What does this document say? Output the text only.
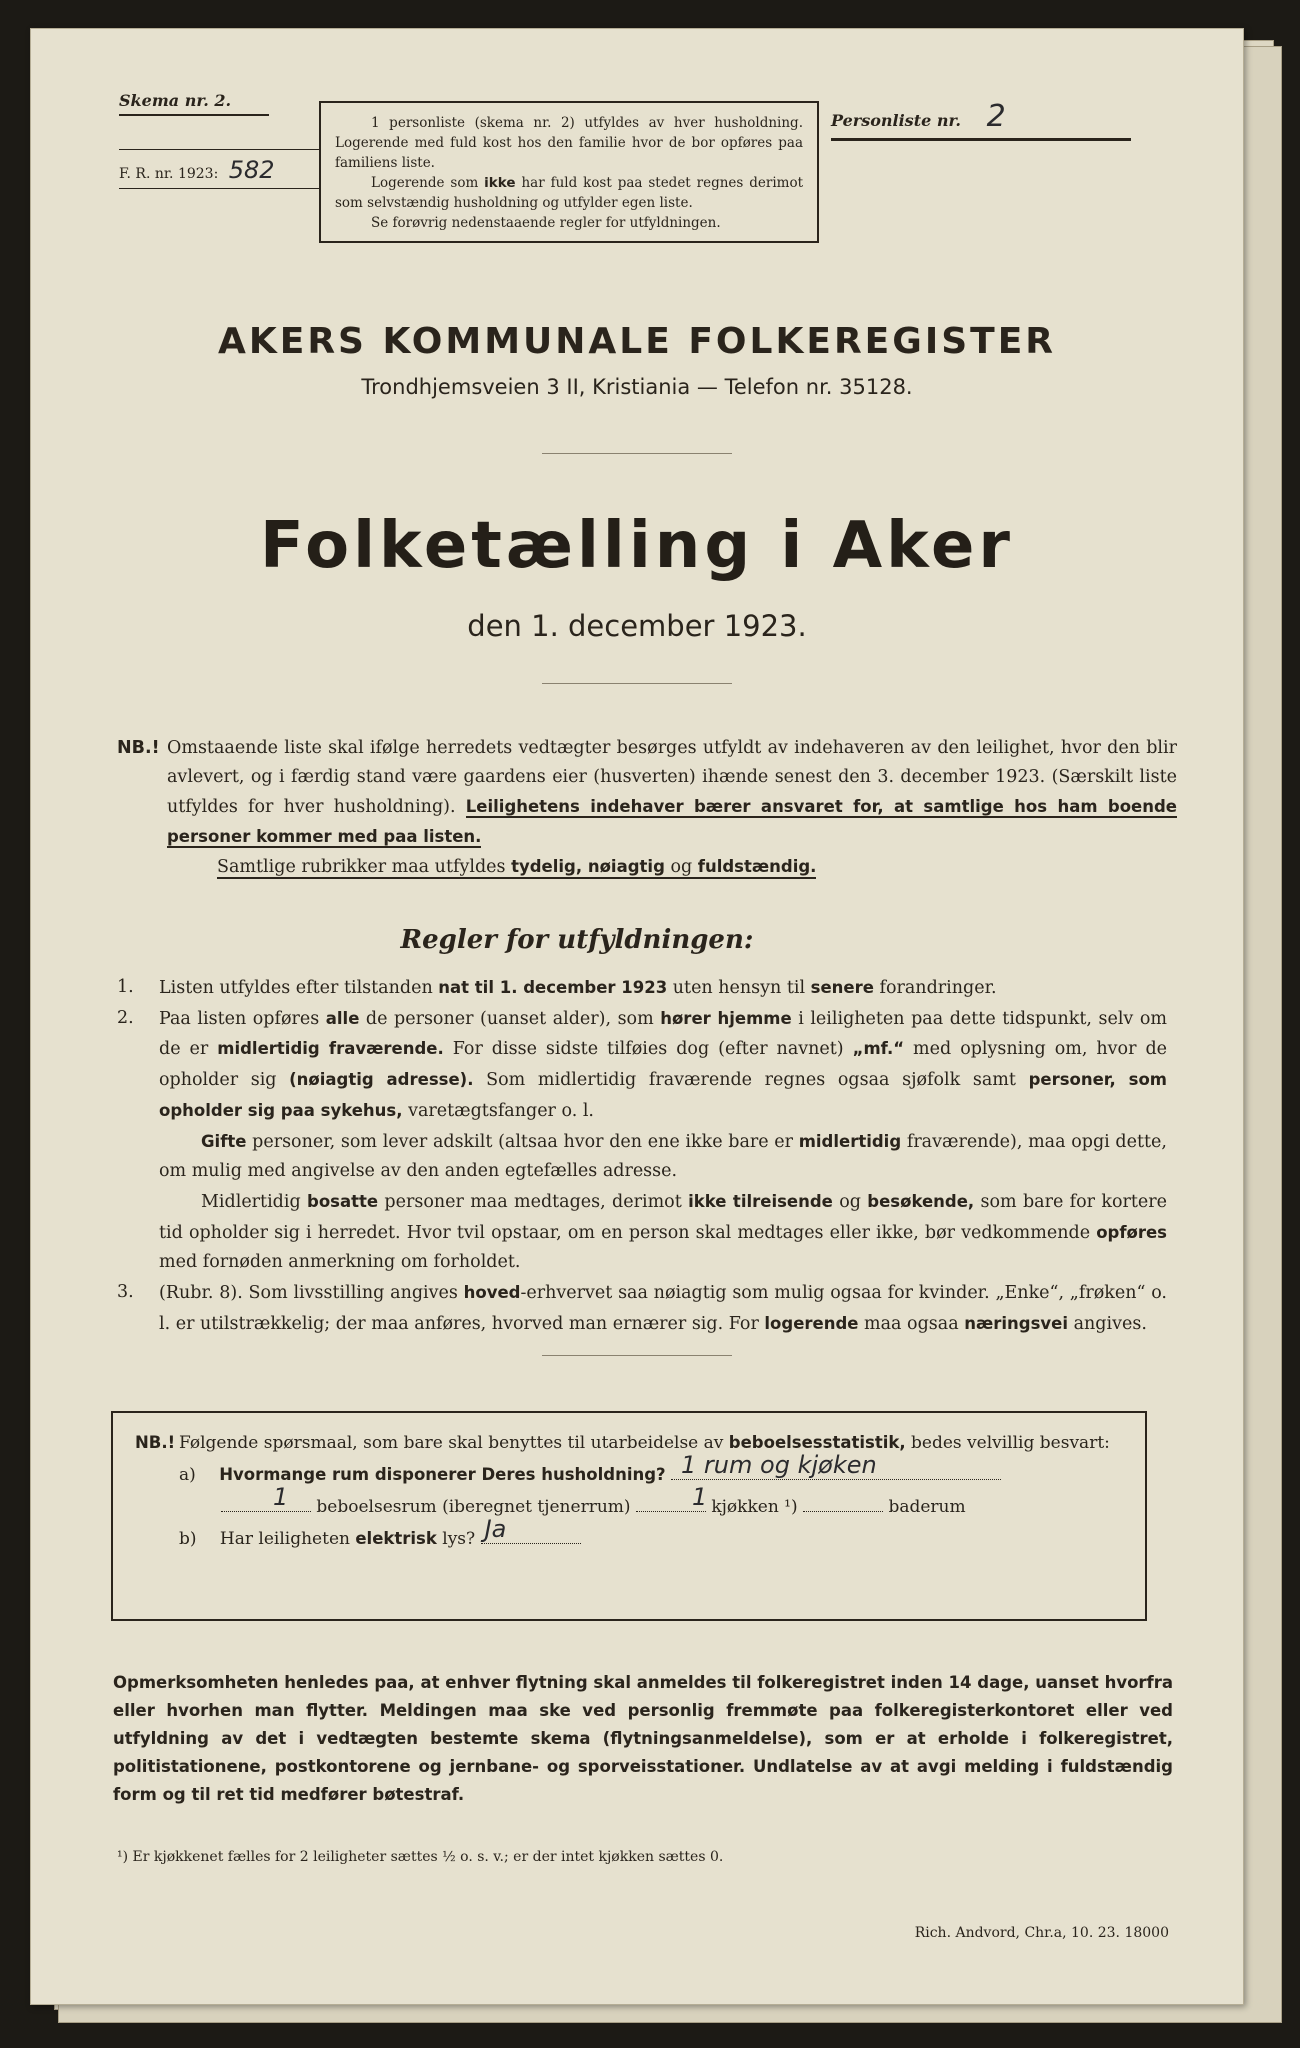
Skema nr. 2.
F. R. nr. 1923: 582

1 personliste (skema nr. 2) utfyldes av hver husholdning. Logerende med fuld kost hos den familie hvor de bor opføres paa familiens liste.

Logerende som ikke har fuld kost paa stedet regnes derimot som selvstændig husholdning og utfylder egen liste.

Se forøvrig nedenstaaende regler for utfyldningen.

Personliste nr. 2
AKERS KOMMUNALE FOLKEREGISTER
Trondhjemsveien 3 II, Kristiania — Telefon nr. 35128.
Folketælling i Aker
den 1. december 1923.
NB.! Omstaaende liste skal ifølge herredets vedtægter besørges utfyldt av indehaveren av den leilighet, hvor den blir avlevert, og i færdig stand være gaardens eier (husverten) ihænde senest den 3. december 1923. (Særskilt liste utfyldes for hver husholdning). Leilighetens indehaver bærer ansvaret for, at samtlige hos ham boende personer kommer med paa listen.
Samtlige rubrikker maa utfyldes tydelig, nøiagtig og fuldstændig.
Regler for utfyldningen:
1. Listen utfyldes efter tilstanden nat til 1. december 1923 uten hensyn til senere forandringer.
2. Paa listen opføres alle de personer (uanset alder), som hører hjemme i leiligheten paa dette tidspunkt, selv om de er midlertidig fraværende. For disse sidste tilføies dog (efter navnet) „mf.“ med oplysning om, hvor de opholder sig (nøiagtig adresse). Som midlertidig fraværende regnes ogsaa sjøfolk samt personer, som opholder sig paa sykehus, varetægtsfanger o. l.
Gifte personer, som lever adskilt (altsaa hvor den ene ikke bare er midlertidig fraværende), maa opgi dette, om mulig med angivelse av den anden egtefælles adresse.
Midlertidig bosatte personer maa medtages, derimot ikke tilreisende og besøkende, som bare for kortere tid opholder sig i herredet. Hvor tvil opstaar, om en person skal medtages eller ikke, bør vedkommende opføres med fornøden anmerkning om forholdet.
3. (Rubr. 8). Som livsstilling angives hoved-erhvervet saa nøiagtig som mulig ogsaa for kvinder. „Enke“, „frøken“ o. l. er utilstrækkelig; der maa anføres, hvorved man ernærer sig. For logerende maa ogsaa næringsvei angives.
NB.! Følgende spørsmaal, som bare skal benyttes til utarbeidelse av beboelsesstatistik, bedes velvillig besvart:
a) Hvormange rum disponerer Deres husholdning? 1 rum og kjøken
1 beboelsesrum (iberegnet tjenerrum)	1 kjøkken ¹)	baderum
b) Har leiligheten elektrisk lys? Ja
Opmerksomheten henledes paa, at enhver flytning skal anmeldes til folkeregistret inden 14 dage, uanset hvorfra eller hvorhen man flytter. Meldingen maa ske ved personlig fremmøte paa folkeregisterkontoret eller ved utfyldning av det i vedtægten bestemte skema (flytningsanmeldelse), som er at erholde i folkeregistret, politistationene, postkontorene og jernbane- og sporveisstationer. Undlatelse av at avgi melding i fuldstændig form og til ret tid medfører bøtestraf.
¹) Er kjøkkenet fælles for 2 leiligheter sættes ½ o. s. v.; er der intet kjøkken sættes 0.
Rich. Andvord, Chr.a, 10. 23. 18000
